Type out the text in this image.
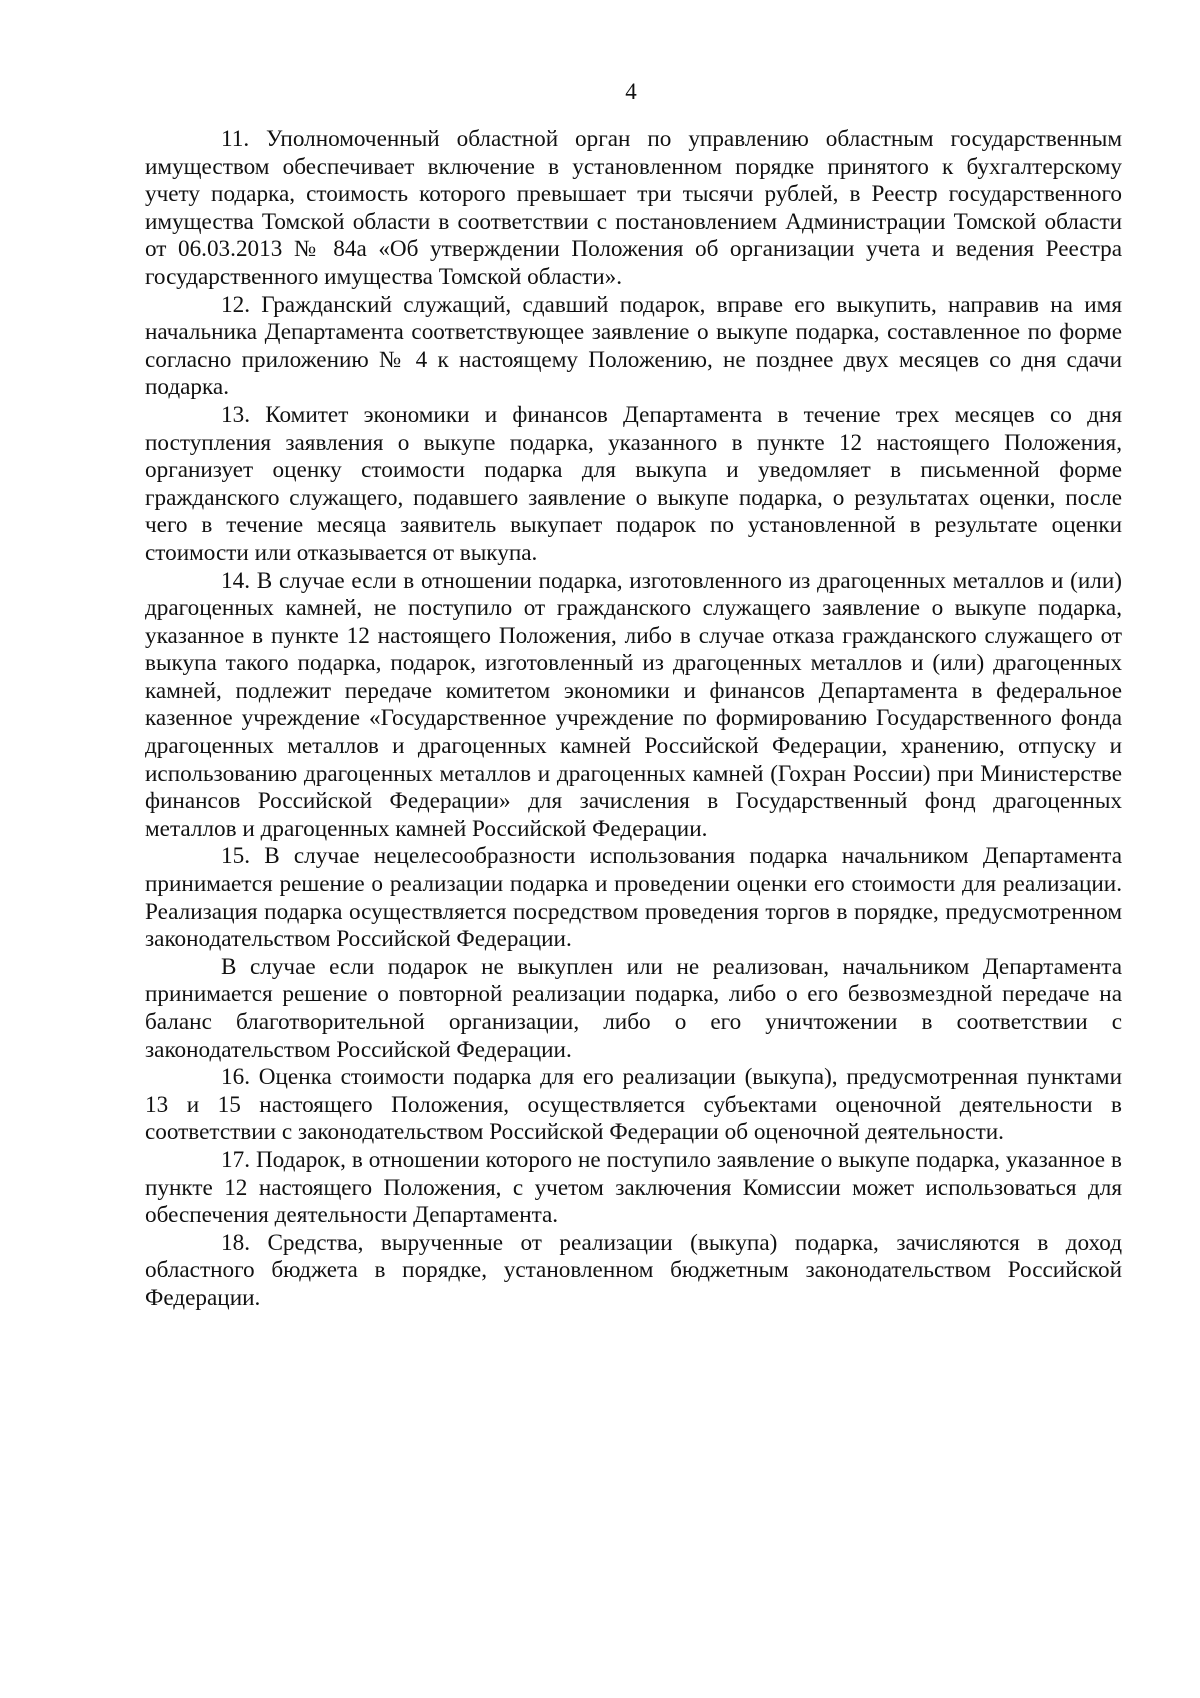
4

11. Уполномоченный областной орган по управлению областным государственным имуществом обеспечивает включение в установленном порядке принятого к бухгалтерскому учету подарка, стоимость которого превышает три тысячи рублей, в Реестр государственного имущества Томской области в соответствии с постановлением Администрации Томской области от 06.03.2013 № 84а «Об утверждении Положения об организации учета и ведения Реестра государственного имущества Томской области».

12. Гражданский служащий, сдавший подарок, вправе его выкупить, направив на имя начальника Департамента соответствующее заявление о выкупе подарка, составленное по форме согласно приложению № 4 к настоящему Положению, не позднее двух месяцев со дня сдачи подарка.

13. Комитет экономики и финансов Департамента в течение трех месяцев со дня поступления заявления о выкупе подарка, указанного в пункте 12 настоящего Положения, организует оценку стоимости подарка для выкупа и уведомляет в письменной форме гражданского служащего, подавшего заявление о выкупе подарка, о результатах оценки, после чего в течение месяца заявитель выкупает подарок по установленной в результате оценки стоимости или отказывается от выкупа.

14. В случае если в отношении подарка, изготовленного из драгоценных металлов и (или) драгоценных камней, не поступило от гражданского служащего заявление о выкупе подарка, указанное в пункте 12 настоящего Положения, либо в случае отказа гражданского служащего от выкупа такого подарка, подарок, изготовленный из драгоценных металлов и (или) драгоценных камней, подлежит передаче комитетом экономики и финансов Департамента в федеральное казенное учреждение «Государственное учреждение по формированию Государственного фонда драгоценных металлов и драгоценных камней Российской Федерации, хранению, отпуску и использованию драгоценных металлов и драгоценных камней (Гохран России) при Министерстве финансов Российской Федерации» для зачисления в Государственный фонд драгоценных металлов и драгоценных камней Российской Федерации.

15. В случае нецелесообразности использования подарка начальником Департамента принимается решение о реализации подарка и проведении оценки его стоимости для реализации. Реализация подарка осуществляется посредством проведения торгов в порядке, предусмотренном законодательством Российской Федерации.

В случае если подарок не выкуплен или не реализован, начальником Департамента принимается решение о повторной реализации подарка, либо о его безвозмездной передаче на баланс благотворительной организации, либо о его уничтожении в соответствии с законодательством Российской Федерации.

16. Оценка стоимости подарка для его реализации (выкупа), предусмотренная пунктами 13 и 15 настоящего Положения, осуществляется субъектами оценочной деятельности в соответствии с законодательством Российской Федерации об оценочной деятельности.

17. Подарок, в отношении которого не поступило заявление о выкупе подарка, указанное в пункте 12 настоящего Положения, с учетом заключения Комиссии может использоваться для обеспечения деятельности Департамента.

18. Средства, вырученные от реализации (выкупа) подарка, зачисляются в доход областного бюджета в порядке, установленном бюджетным законодательством Российской Федерации.
